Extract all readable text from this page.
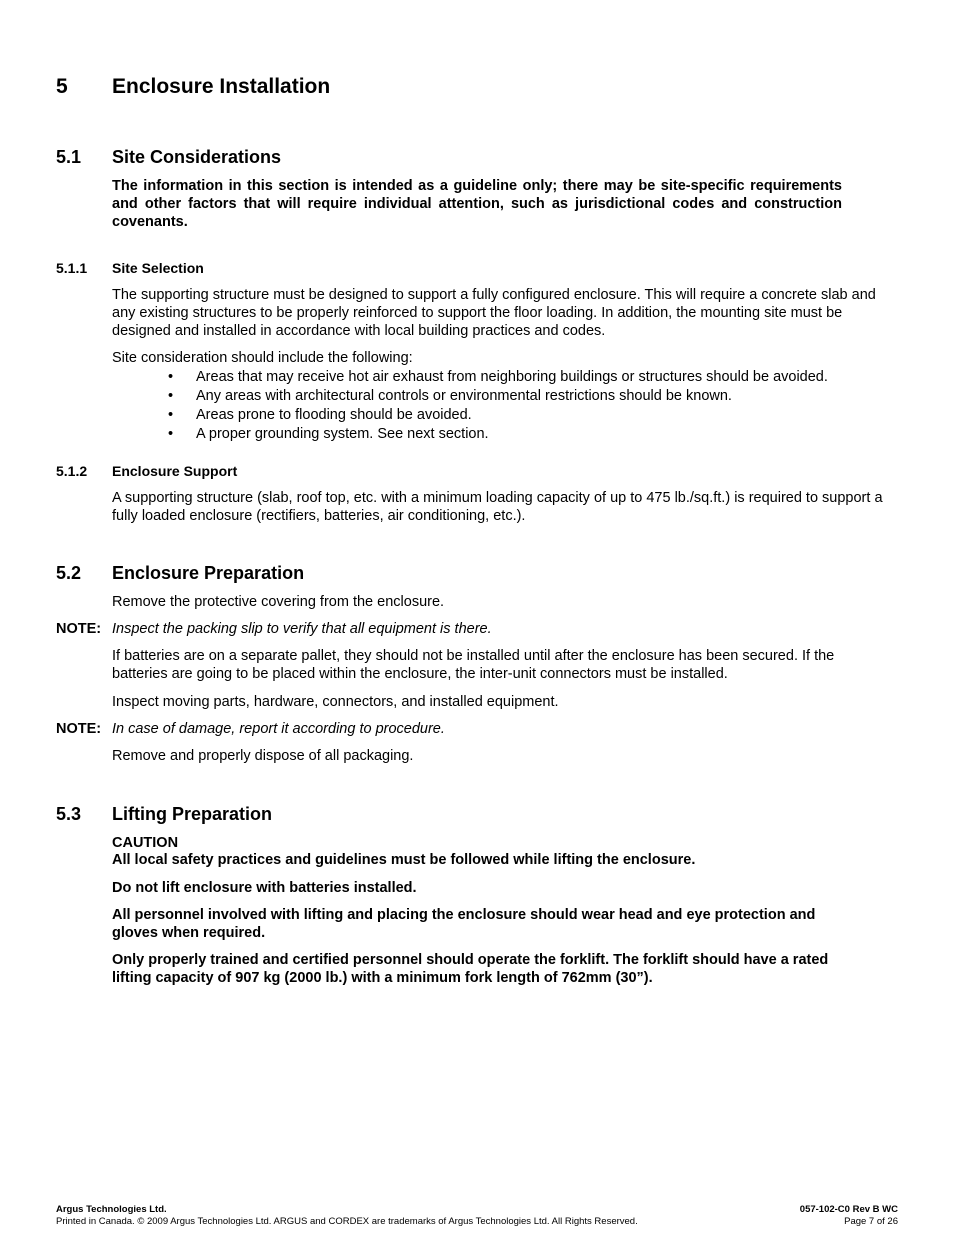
5 Enclosure Installation
5.1 Site Considerations
The information in this section is intended as a guideline only; there may be site-specific requirements and other factors that will require individual attention, such as jurisdictional codes and construction covenants.
5.1.1 Site Selection
The supporting structure must be designed to support a fully configured enclosure. This will require a concrete slab and any existing structures to be properly reinforced to support the floor loading. In addition, the mounting site must be designed and installed in accordance with local building practices and codes.
Site consideration should include the following:
• Areas that may receive hot air exhaust from neighboring buildings or structures should be avoided.
• Any areas with architectural controls or environmental restrictions should be known.
• Areas prone to flooding should be avoided.
• A proper grounding system. See next section.
5.1.2 Enclosure Support
A supporting structure (slab, roof top, etc. with a minimum loading capacity of up to 475 lb./sq.ft.) is required to support a fully loaded enclosure (rectifiers, batteries, air conditioning, etc.).
5.2 Enclosure Preparation
Remove the protective covering from the enclosure.
NOTE: Inspect the packing slip to verify that all equipment is there.
If batteries are on a separate pallet, they should not be installed until after the enclosure has been secured. If the batteries are going to be placed within the enclosure, the inter-unit connectors must be installed.
Inspect moving parts, hardware, connectors, and installed equipment.
NOTE: In case of damage, report it according to procedure.
Remove and properly dispose of all packaging.
5.3 Lifting Preparation
CAUTION
All local safety practices and guidelines must be followed while lifting the enclosure.
Do not lift enclosure with batteries installed.
All personnel involved with lifting and placing the enclosure should wear head and eye protection and gloves when required.
Only properly trained and certified personnel should operate the forklift. The forklift should have a rated lifting capacity of 907 kg (2000 lb.) with a minimum fork length of 762mm (30”).
Argus Technologies Ltd.
Printed in Canada. © 2009 Argus Technologies Ltd. ARGUS and CORDEX are trademarks of Argus Technologies Ltd. All Rights Reserved.
057-102-C0 Rev B WC
Page 7 of 26
